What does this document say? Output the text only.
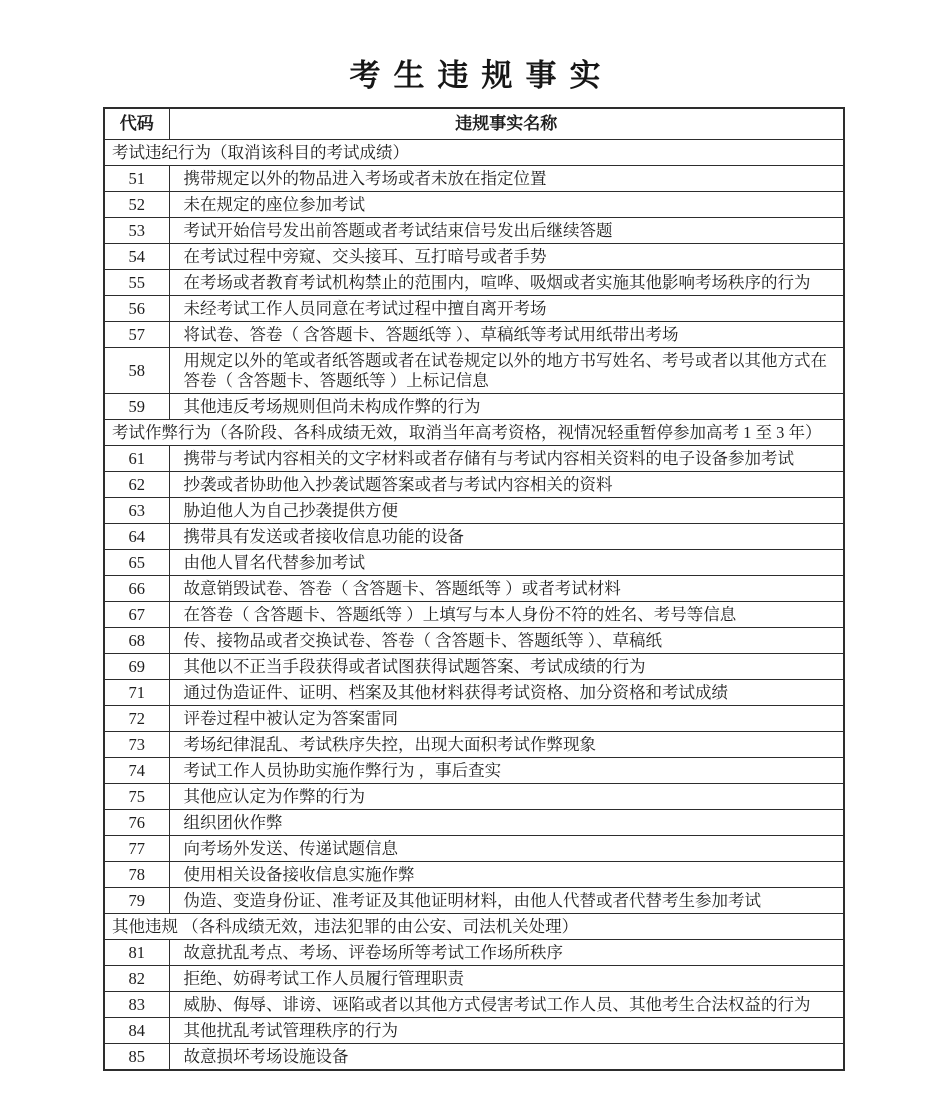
考生违规事实
代码	违规事实名称
考试违纪行为（取消该科目的考试成绩）	
51	携带规定以外的物品进入考场或者未放在指定位置
52	未在规定的座位参加考试
53	考试开始信号发出前答题或者考试结束信号发出后继续答题
54	在考试过程中旁窥、交头接耳、互打暗号或者手势
55	在考场或者教育考试机构禁止的范围内，喧哗、吸烟或者实施其他影响考场秩序的行为
56	未经考试工作人员同意在考试过程中擅自离开考场
57	将试卷、答卷（ 含答题卡、答题纸等 ）、草稿纸等考试用纸带出考场
58	用规定以外的笔或者纸答题或者在试卷规定以外的地方书写姓名、考号或者以其他方式在答卷（ 含答题卡、答题纸等 ）上标记信息
59	其他违反考场规则但尚未构成作弊的行为
考试作弊行为（各阶段、各科成绩无效，取消当年高考资格，视情况轻重暂停参加高考 1 至 3 年）	
61	携带与考试内容相关的文字材料或者存储有与考试内容相关资料的电子设备参加考试
62	抄袭或者协助他入抄袭试题答案或者与考试内容相关的资料
63	胁迫他人为自己抄袭提供方便
64	携带具有发送或者接收信息功能的设备
65	由他人冒名代替参加考试
66	故意销毁试卷、答卷（ 含答题卡、答题纸等 ）或者考试材料
67	在答卷（ 含答题卡、答题纸等 ）上填写与本人身份不符的姓名、考号等信息
68	传、接物品或者交换试卷、答卷（ 含答题卡、答题纸等 ）、草稿纸
69	其他以不正当手段获得或者试图获得试题答案、考试成绩的行为
71	通过伪造证件、证明、档案及其他材料获得考试资格、加分资格和考试成绩
72	评卷过程中被认定为答案雷同
73	考场纪律混乱、考试秩序失控，出现大面积考试作弊现象
74	考试工作人员协助实施作弊行为 ，事后查实
75	其他应认定为作弊的行为
76	组织团伙作弊
77	向考场外发送、传递试题信息
78	使用相关设备接收信息实施作弊
79	伪造、变造身份证、准考证及其他证明材料，由他人代替或者代替考生参加考试
其他违规 （各科成绩无效，违法犯罪的由公安、司法机关处理）	
81	故意扰乱考点、考场、评卷场所等考试工作场所秩序
82	拒绝、妨碍考试工作人员履行管理职责
83	威胁、侮辱、诽谤、诬陷或者以其他方式侵害考试工作人员、其他考生合法权益的行为
84	其他扰乱考试管理秩序的行为
85	故意损坏考场设施设备
